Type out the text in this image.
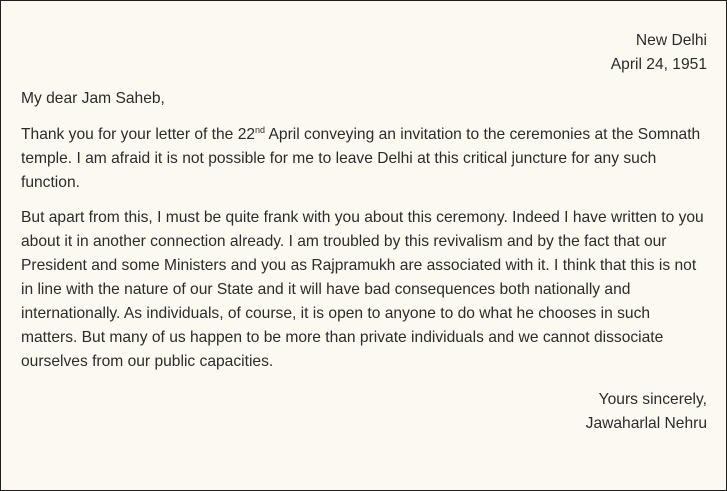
New Delhi
April 24, 1951

My dear Jam Saheb,

Thank you for your letter of the 22nd April conveying an invitation to the ceremonies at the Somnath temple. I am afraid it is not possible for me to leave Delhi at this critical juncture for any such function.

But apart from this, I must be quite frank with you about this ceremony. Indeed I have written to you about it in another connection already. I am troubled by this revivalism and by the fact that our President and some Ministers and you as Rajpramukh are associated with it. I think that this is not in line with the nature of our State and it will have bad consequences both nationally and internationally. As individuals, of course, it is open to anyone to do what he chooses in such matters. But many of us happen to be more than private individuals and we cannot dissociate ourselves from our public capacities.

Yours sincerely,
Jawaharlal Nehru
